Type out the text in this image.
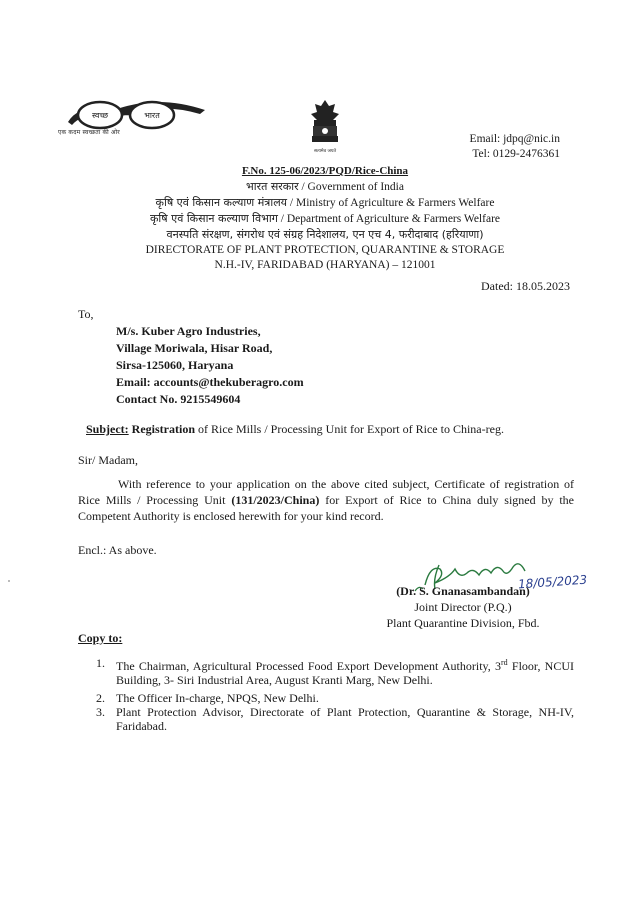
स्वच्छ	भारत
एक कदम स्वच्छता की ओर
सत्यमेव जयते
Email: jdpq@nic.in
Tel: 0129-2476361
F.No. 125-06/2023/PQD/Rice-China
भारत सरकार / Government of India
कृषि एवं किसान कल्याण मंत्रालय / Ministry of Agriculture & Farmers Welfare
कृषि एवं किसान कल्याण विभाग / Department of Agriculture & Farmers Welfare
वनस्पति संरक्षण, संगरोध एवं संग्रह निदेशालय, एन एच 4, फरीदाबाद (हरियाणा)
DIRECTORATE OF PLANT PROTECTION, QUARANTINE & STORAGE
N.H.-IV, FARIDABAD (HARYANA) – 121001
Dated: 18.05.2023
To,
M/s. Kuber Agro Industries,
Village Moriwala, Hisar Road,
Sirsa-125060, Haryana
Email: accounts@thekuberagro.com
Contact No. 9215549604
Subject: Registration of Rice Mills / Processing Unit for Export of Rice to China-reg.
Sir/ Madam,
With reference to your application on the above cited subject, Certificate of registration of Rice Mills / Processing Unit (131/2023/China) for Export of Rice to China duly signed by the Competent Authority is enclosed herewith for your kind record.
Encl.: As above.
18/05/2023
(Dr. S. Gnanasambandan)
Joint Director (P.Q.)
Plant Quarantine Division, Fbd.
Copy to:
1. The Chairman, Agricultural Processed Food Export Development Authority, 3rd Floor, NCUI Building, 3- Siri Industrial Area, August Kranti Marg, New Delhi.
2. The Officer In-charge, NPQS, New Delhi.
3. Plant Protection Advisor, Directorate of Plant Protection, Quarantine & Storage, NH-IV, Faridabad.
